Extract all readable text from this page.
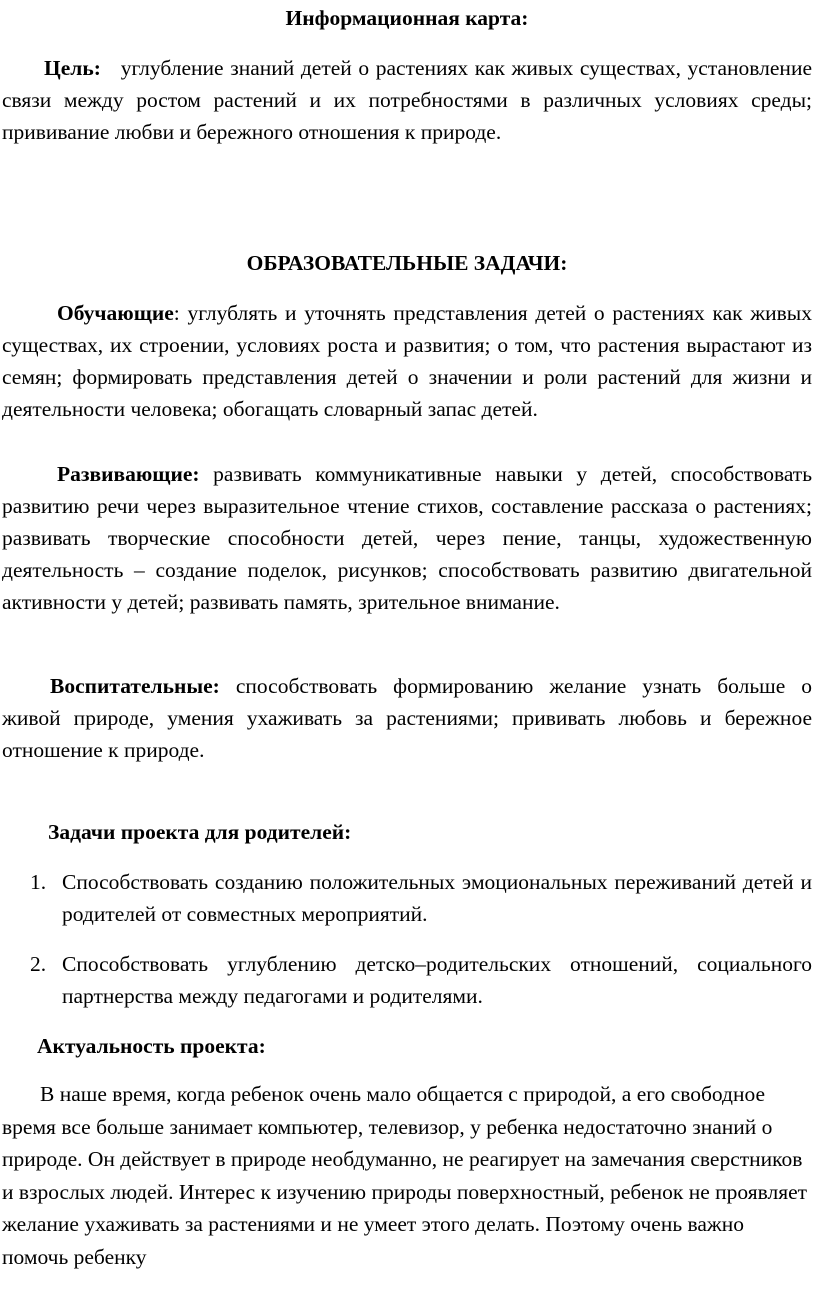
Информационная карта:
Цель: углубление знаний детей о растениях как живых существах, установление связи между ростом растений и их потребностями в различных условиях среды; прививание любви и бережного отношения к природе.
ОБРАЗОВАТЕЛЬНЫЕ ЗАДАЧИ:
Обучающие: углублять и уточнять представления детей о растениях как живых существах, их строении, условиях роста и развития; о том, что растения вырастают из семян; формировать представления детей о значении и роли растений для жизни и деятельности человека; обогащать словарный запас детей.
Развивающие: развивать коммуникативные навыки у детей, способствовать развитию речи через выразительное чтение стихов, составление рассказа о растениях; развивать творческие способности детей, через пение, танцы, художественную деятельность – создание поделок, рисунков; способствовать развитию двигательной активности у детей; развивать память, зрительное внимание.
Воспитательные: способствовать формированию желание узнать больше о живой природе, умения ухаживать за растениями; прививать любовь и бережное отношение к природе.
Задачи проекта для родителей:
1. Способствовать созданию положительных эмоциональных переживаний детей и родителей от совместных мероприятий.
2. Способствовать углублению детско–родительских отношений, социального партнерства между педагогами и родителями.
Актуальность проекта:
В наше время, когда ребенок очень мало общается с природой, а его свободное время все больше занимает компьютер, телевизор, у ребенка недостаточно знаний о природе. Он действует в природе необдуманно, не реагирует на замечания сверстников и взрослых людей. Интерес к изучению природы поверхностный, ребенок не проявляет желание ухаживать за растениями и не умеет этого делать. Поэтому очень важно помочь ребенку
